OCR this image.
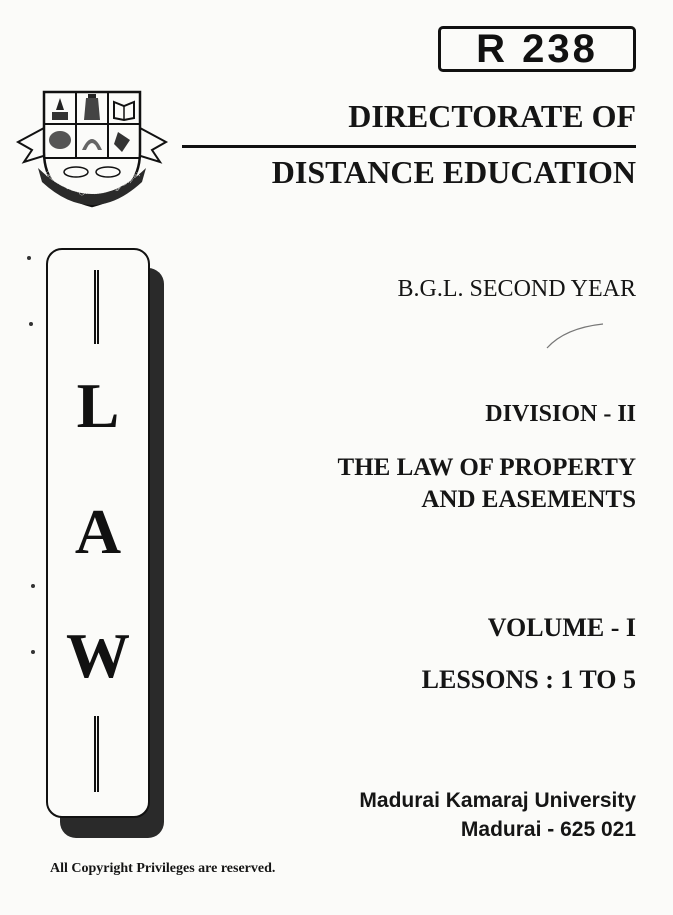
R 238
மெய்ப் பொருள் காண்பது அறிவு
DIRECTORATE OF
DISTANCE EDUCATION
L
A
W
B.G.L. SECOND YEAR
DIVISION - II
THE LAW OF PROPERTY
AND EASEMENTS
VOLUME - I
LESSONS : 1 TO 5
Madurai Kamaraj University
Madurai - 625 021
All Copyright Privileges are reserved.
